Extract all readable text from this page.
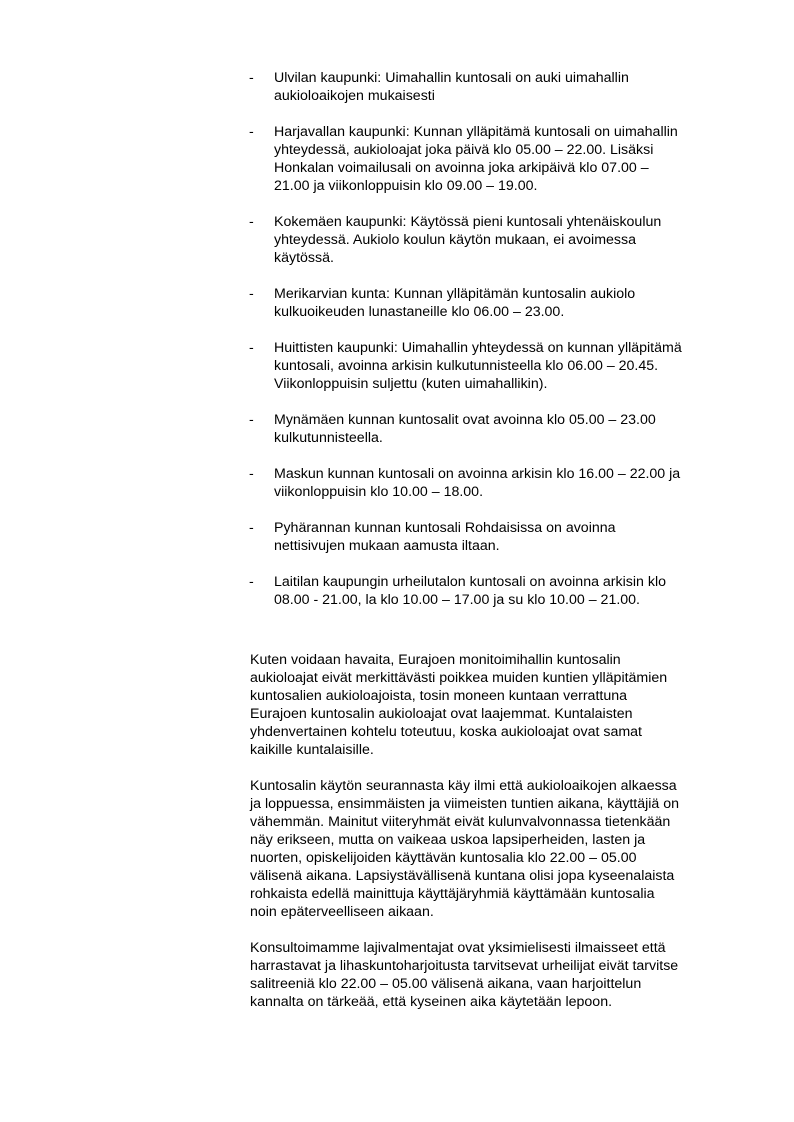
- Ulvilan kaupunki: Uimahallin kuntosali on auki uimahallin
aukioloaikojen mukaisesti
- Harjavallan kaupunki: Kunnan ylläpitämä kuntosali on uimahallin
yhteydessä, aukioloajat joka päivä klo 05.00 – 22.00. Lisäksi
Honkalan voimailusali on avoinna joka arkipäivä klo 07.00 –
21.00 ja viikonloppuisin klo 09.00 – 19.00.
- Kokemäen kaupunki: Käytössä pieni kuntosali yhtenäiskoulun
yhteydessä. Aukiolo koulun käytön mukaan, ei avoimessa
käytössä.
- Merikarvian kunta: Kunnan ylläpitämän kuntosalin aukiolo
kulkuoikeuden lunastaneille klo 06.00 – 23.00.
- Huittisten kaupunki: Uimahallin yhteydessä on kunnan ylläpitämä
kuntosali, avoinna arkisin kulkutunnisteella klo 06.00 – 20.45.
Viikonloppuisin suljettu (kuten uimahallikin).
- Mynämäen kunnan kuntosalit ovat avoinna klo 05.00 – 23.00
kulkutunnisteella.
- Maskun kunnan kuntosali on avoinna arkisin klo 16.00 – 22.00 ja
viikonloppuisin klo 10.00 – 18.00.
- Pyhärannan kunnan kuntosali Rohdaisissa on avoinna
nettisivujen mukaan aamusta iltaan.
- Laitilan kaupungin urheilutalon kuntosali on avoinna arkisin klo
08.00 - 21.00, la klo 10.00 – 17.00 ja su klo 10.00 – 21.00.

Kuten voidaan havaita, Eurajoen monitoimihallin kuntosalin
aukioloajat eivät merkittävästi poikkea muiden kuntien ylläpitämien
kuntosalien aukioloajoista, tosin moneen kuntaan verrattuna
Eurajoen kuntosalin aukioloajat ovat laajemmat. Kuntalaisten
yhdenvertainen kohtelu toteutuu, koska aukioloajat ovat samat
kaikille kuntalaisille.

Kuntosalin käytön seurannasta käy ilmi että aukioloaikojen alkaessa
ja loppuessa, ensimmäisten ja viimeisten tuntien aikana, käyttäjiä on
vähemmän. Mainitut viiteryhmät eivät kulunvalvonnassa tietenkään
näy erikseen, mutta on vaikeaa uskoa lapsiperheiden, lasten ja
nuorten, opiskelijoiden käyttävän kuntosalia klo 22.00 – 05.00
välisenä aikana. Lapsiystävällisenä kuntana olisi jopa kyseenalaista
rohkaista edellä mainittuja käyttäjäryhmiä käyttämään kuntosalia
noin epäterveelliseen aikaan.

Konsultoimamme lajivalmentajat ovat yksimielisesti ilmaisseet että
harrastavat ja lihaskuntoharjoitusta tarvitsevat urheilijat eivät tarvitse
salitreeniä klo 22.00 – 05.00 välisenä aikana, vaan harjoittelun
kannalta on tärkeää, että kyseinen aika käytetään lepoon.
